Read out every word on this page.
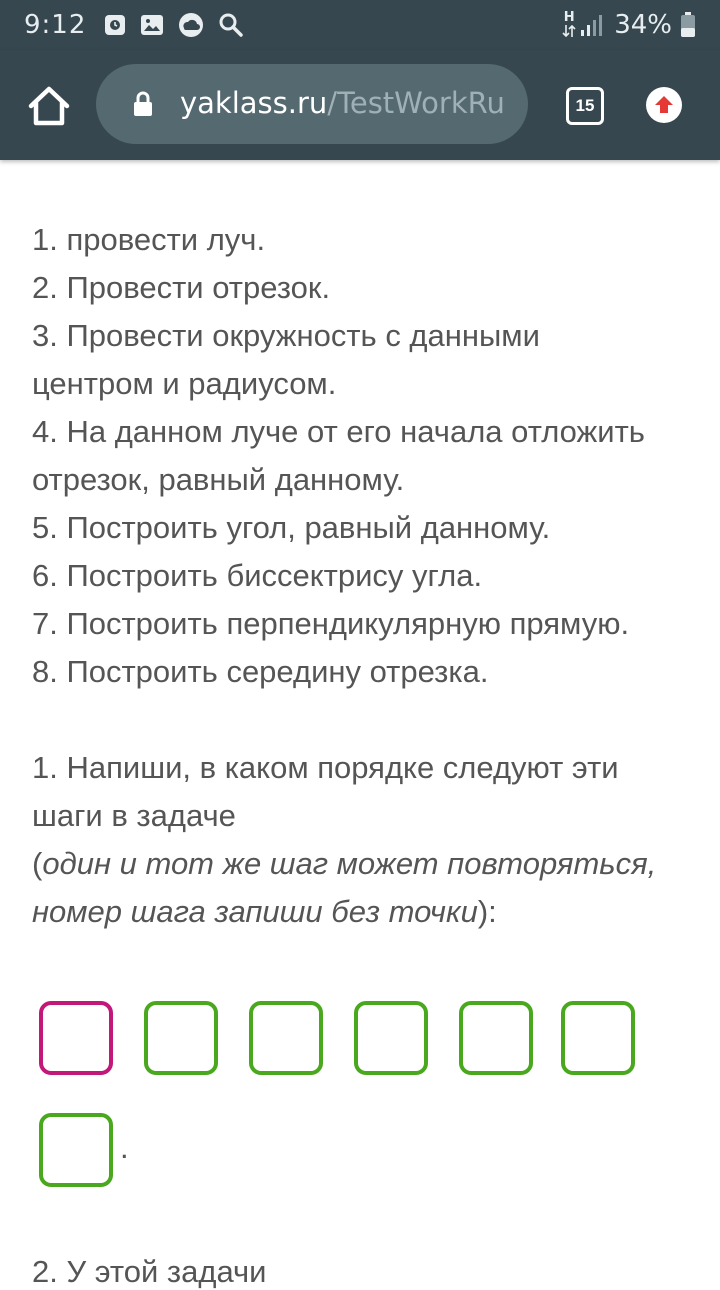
9:12	H 34%
yaklass.ru/TestWorkRu	15
1. провести луч.
2. Провести отрезок.
3. Провести окружность с данными
центром и радиусом.
4. На данном луче от его начала отложить
отрезок, равный данному.
5. Построить угол, равный данному.
6. Построить биссектрису угла.
7. Построить перпендикулярную прямую.
8. Построить середину отрезка.
1. Напиши, в каком порядке следуют эти
шаги в задаче
(один и тот же шаг может повторяться,
номер шага запиши без точки):
.
2. У этой задачи
